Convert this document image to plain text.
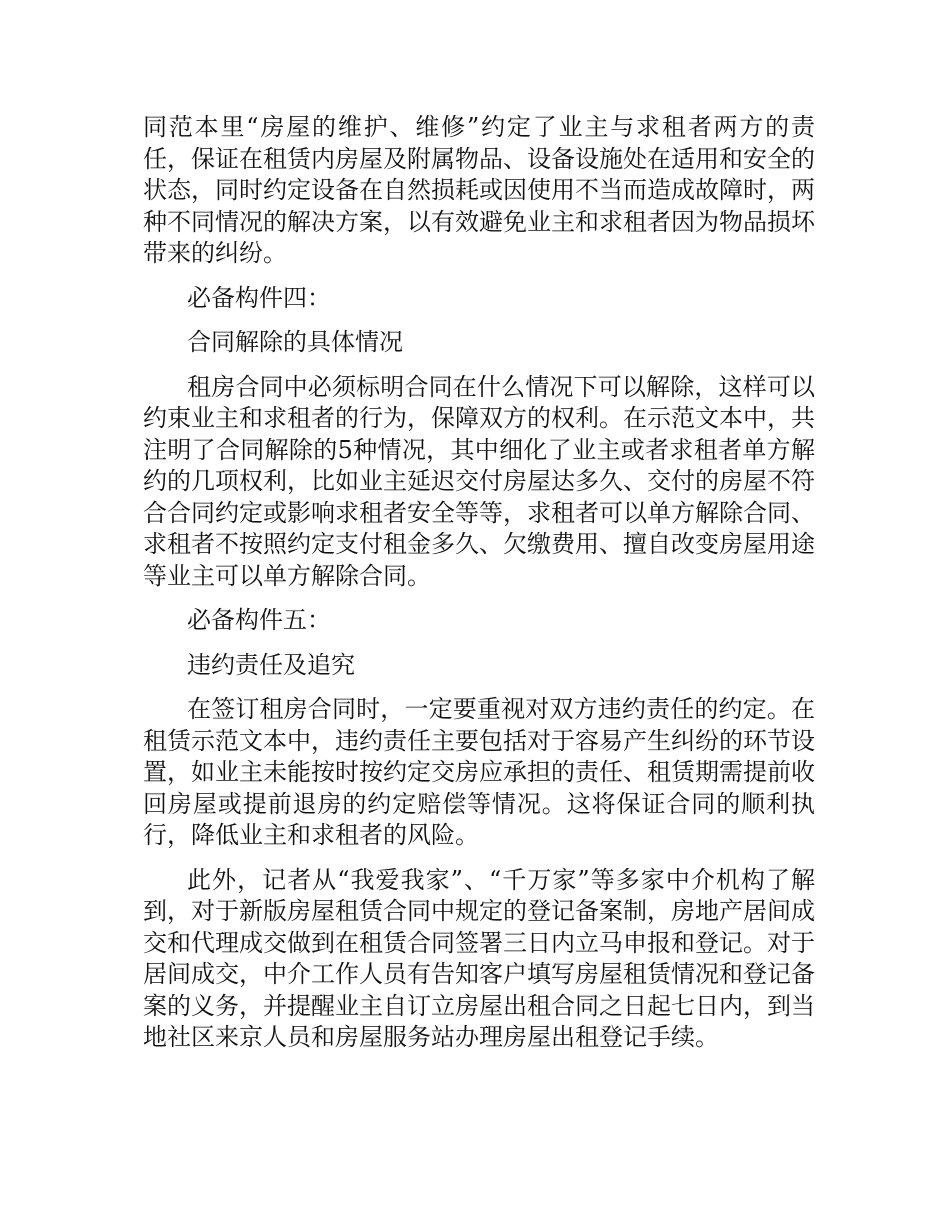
同范本里“房屋的维护、维修”约定了业主与求租者两方的责任，保证在租赁内房屋及附属物品、设备设施处在适用和安全的状态，同时约定设备在自然损耗或因使用不当而造成故障时，两种不同情况的解决方案，以有效避免业主和求租者因为物品损坏带来的纠纷。

必备构件四：

合同解除的具体情况

租房合同中必须标明合同在什么情况下可以解除，这样可以约束业主和求租者的行为，保障双方的权利。在示范文本中，共注明了合同解除的5种情况，其中细化了业主或者求租者单方解约的几项权利，比如业主延迟交付房屋达多久、交付的房屋不符合合同约定或影响求租者安全等等，求租者可以单方解除合同、求租者不按照约定支付租金多久、欠缴费用、擅自改变房屋用途等业主可以单方解除合同。

必备构件五：

违约责任及追究

在签订租房合同时，一定要重视对双方违约责任的约定。在租赁示范文本中，违约责任主要包括对于容易产生纠纷的环节设置，如业主未能按时按约定交房应承担的责任、租赁期需提前收回房屋或提前退房的约定赔偿等情况。这将保证合同的顺利执行，降低业主和求租者的风险。

此外，记者从“我爱我家”、“千万家”等多家中介机构了解到，对于新版房屋租赁合同中规定的登记备案制，房地产居间成交和代理成交做到在租赁合同签署三日内立马申报和登记。对于居间成交，中介工作人员有告知客户填写房屋租赁情况和登记备案的义务，并提醒业主自订立房屋出租合同之日起七日内，到当地社区来京人员和房屋服务站办理房屋出租登记手续。
